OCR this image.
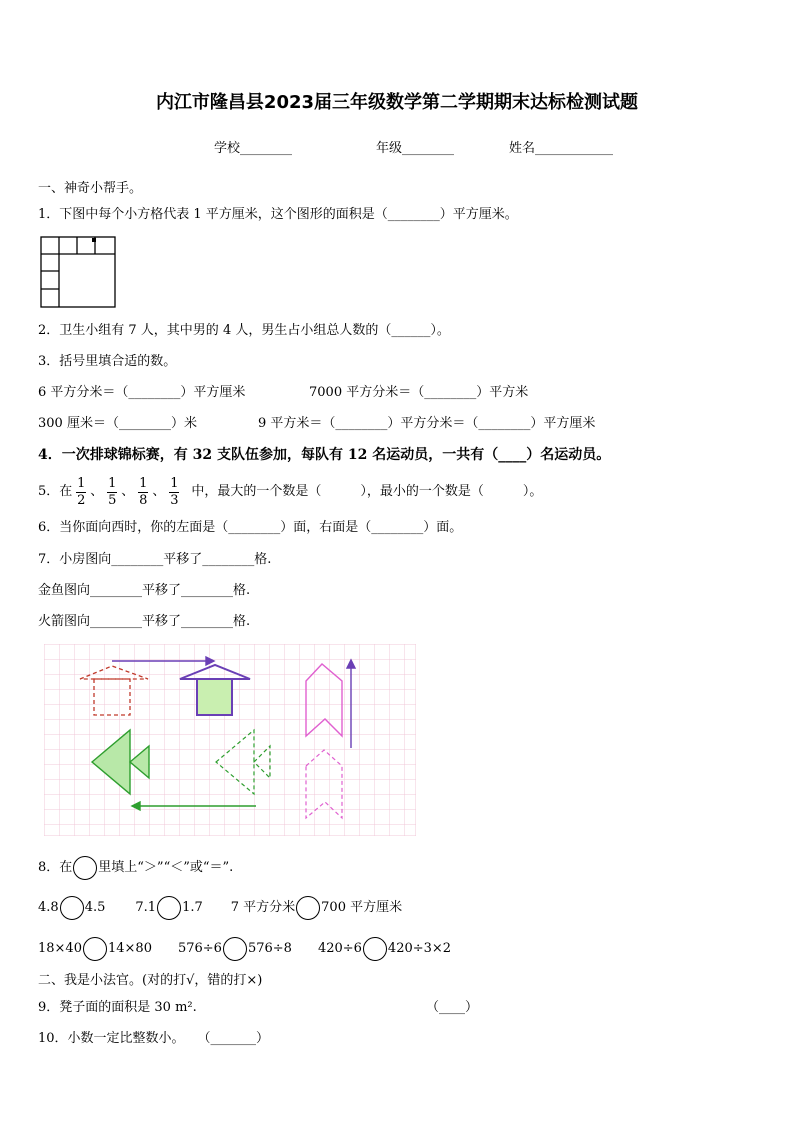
内江市隆昌县2023届三年级数学第二学期期末达标检测试题
学校________	年级________	姓名____________
一、神奇小帮手。
1．下图中每个小方格代表 1 平方厘米，这个图形的面积是（________）平方厘米。
2．卫生小组有 7 人，其中男的 4 人，男生占小组总人数的（______）。
3．括号里填合适的数。
6 平方分米＝（________）平方厘米	7000 平方分米＝（________）平方米
300 厘米＝（________）米	9 平方米＝（________）平方分米＝（________）平方厘米
4．一次排球锦标赛，有 32 支队伍参加，每队有 12 名运动员，一共有（____）名运动员。
5．在 $\frac{1}{2}$ 、 $\frac{1}{5}$ 、 $\frac{1}{8}$ 、 $\frac{1}{3}$ 中，最大的一个数是（　　　），最小的一个数是（　　　）。
6．当你面向西时，你的左面是（________）面，右面是（________）面。
7．小房图向________平移了________格.
金鱼图向________平移了________格.
火箭图向________平移了________格.
8．在 里填上“＞”“＜”或“＝”.
4.8 4.5 7.1 1.7 7 平方分米 700 平方厘米
18×40 14×80 576÷6 576÷8 420÷6 420÷3×2
二、我是小法官。(对的打√，错的打×)
9．凳子面的面积是 30 m².	（____）
10．小数一定比整数小。　　（_______）
